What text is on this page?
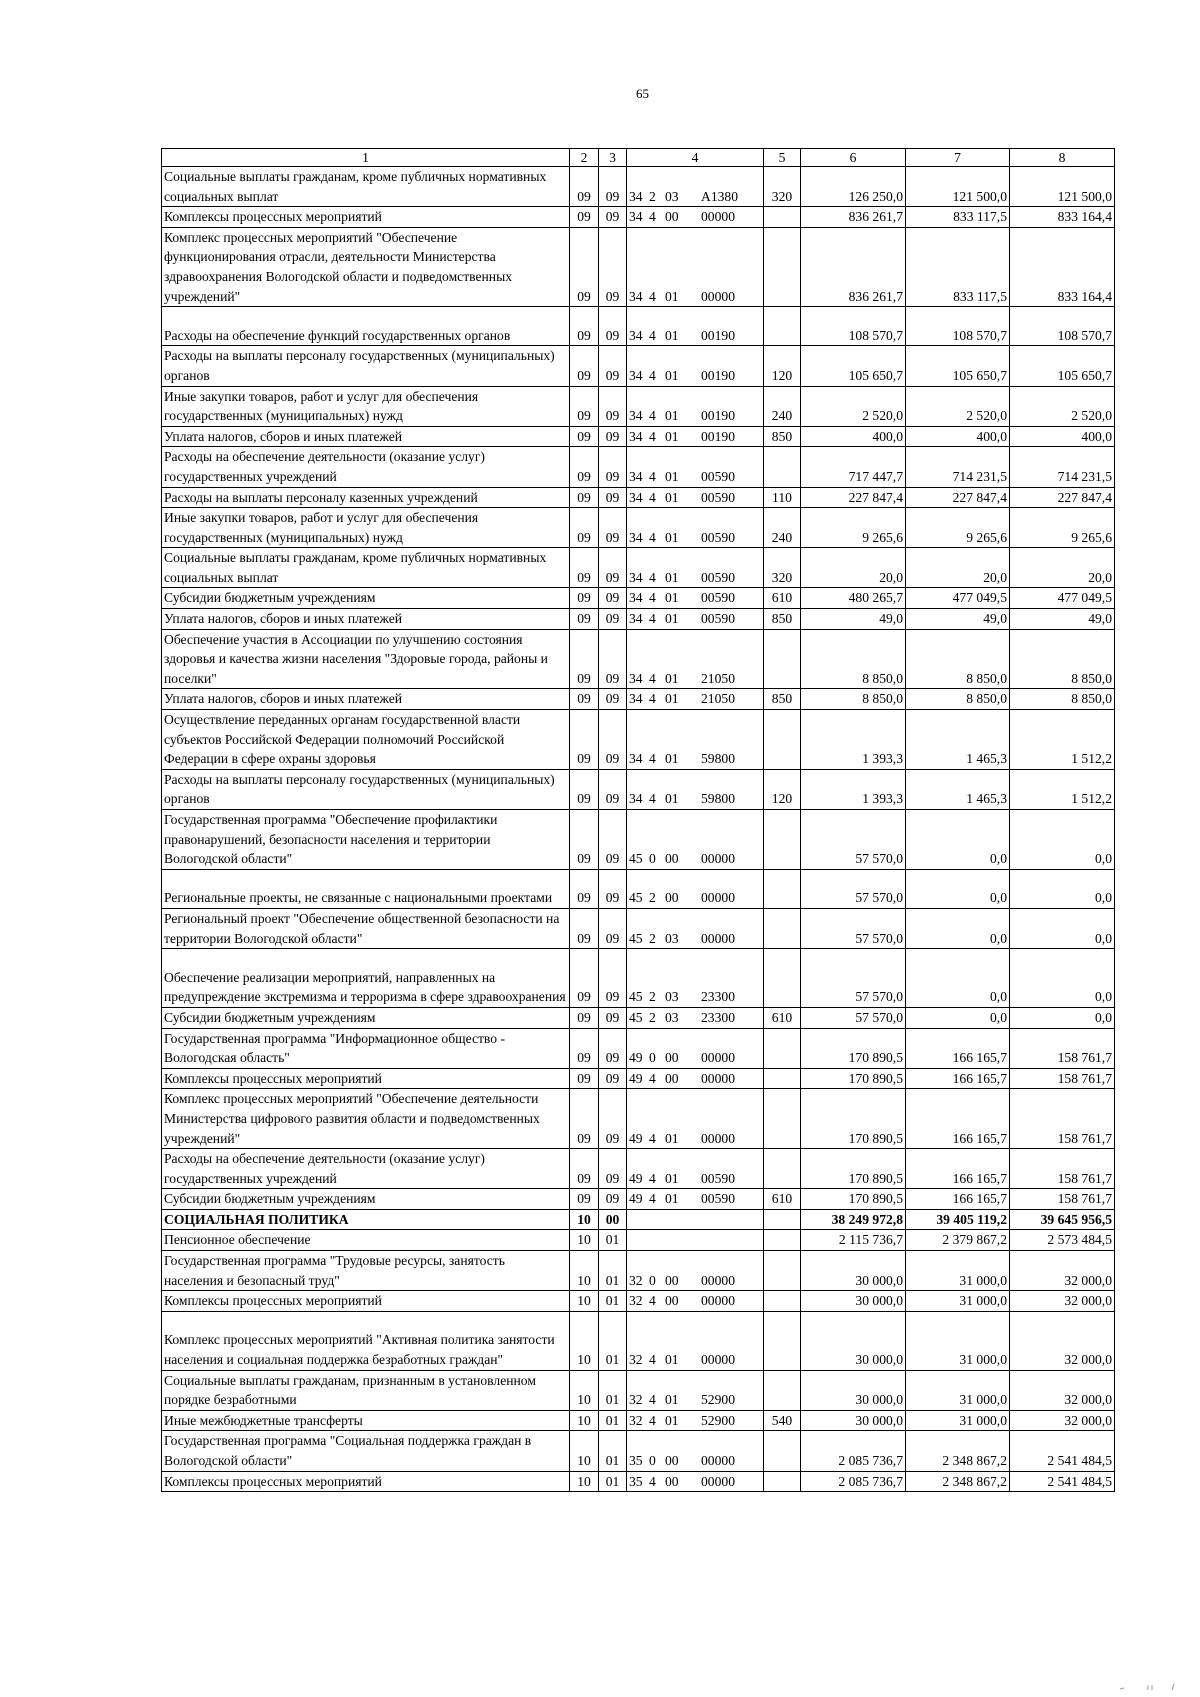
65
1	2	3	4	5	6	7	8
Социальные выплаты гражданам, кроме публичных нормативных социальных выплат	09	09	34 2 03 A1380	320	126 250,0	121 500,0	121 500,0
Комплексы процессных мероприятий	09	09	34 4 00 00000		836 261,7	833 117,5	833 164,4
Комплекс процессных мероприятий "Обеспечение функционирования отрасли, деятельности Министерства здравоохранения Вологодской области и подведомственных учреждений"	09	09	34 4 01 00000		836 261,7	833 117,5	833 164,4
Расходы на обеспечение функций государственных органов	09	09	34 4 01 00190		108 570,7	108 570,7	108 570,7
Расходы на выплаты персоналу государственных (муниципальных) органов	09	09	34 4 01 00190	120	105 650,7	105 650,7	105 650,7
Иные закупки товаров, работ и услуг для обеспечения государственных (муниципальных) нужд	09	09	34 4 01 00190	240	2 520,0	2 520,0	2 520,0
Уплата налогов, сборов и иных платежей	09	09	34 4 01 00190	850	400,0	400,0	400,0
Расходы на обеспечение деятельности (оказание услуг) государственных учреждений	09	09	34 4 01 00590		717 447,7	714 231,5	714 231,5
Расходы на выплаты персоналу казенных учреждений	09	09	34 4 01 00590	110	227 847,4	227 847,4	227 847,4
Иные закупки товаров, работ и услуг для обеспечения государственных (муниципальных) нужд	09	09	34 4 01 00590	240	9 265,6	9 265,6	9 265,6
Социальные выплаты гражданам, кроме публичных нормативных социальных выплат	09	09	34 4 01 00590	320	20,0	20,0	20,0
Субсидии бюджетным учреждениям	09	09	34 4 01 00590	610	480 265,7	477 049,5	477 049,5
Уплата налогов, сборов и иных платежей	09	09	34 4 01 00590	850	49,0	49,0	49,0
Обеспечение участия в Ассоциации по улучшению состояния здоровья и качества жизни населения "Здоровые города, районы и поселки"	09	09	34 4 01 21050		8 850,0	8 850,0	8 850,0
Уплата налогов, сборов и иных платежей	09	09	34 4 01 21050	850	8 850,0	8 850,0	8 850,0
Осуществление переданных органам государственной власти субъектов Российской Федерации полномочий Российской Федерации в сфере охраны здоровья	09	09	34 4 01 59800		1 393,3	1 465,3	1 512,2
Расходы на выплаты персоналу государственных (муниципальных) органов	09	09	34 4 01 59800	120	1 393,3	1 465,3	1 512,2
Государственная программа "Обеспечение профилактики правонарушений, безопасности населения и территории Вологодской области"	09	09	45 0 00 00000		57 570,0	0,0	0,0
Региональные проекты, не связанные с национальными проектами	09	09	45 2 00 00000		57 570,0	0,0	0,0
Региональный проект "Обеспечение общественной безопасности на территории Вологодской области"	09	09	45 2 03 00000		57 570,0	0,0	0,0
Обеспечение реализации мероприятий, направленных на предупреждение экстремизма и терроризма в сфере здравоохранения	09	09	45 2 03 23300		57 570,0	0,0	0,0
Субсидии бюджетным учреждениям	09	09	45 2 03 23300	610	57 570,0	0,0	0,0
Государственная программа "Информационное общество - Вологодская область"	09	09	49 0 00 00000		170 890,5	166 165,7	158 761,7
Комплексы процессных мероприятий	09	09	49 4 00 00000		170 890,5	166 165,7	158 761,7
Комплекс процессных мероприятий "Обеспечение деятельности Министерства цифрового развития области и подведомственных учреждений"	09	09	49 4 01 00000		170 890,5	166 165,7	158 761,7
Расходы на обеспечение деятельности (оказание услуг) государственных учреждений	09	09	49 4 01 00590		170 890,5	166 165,7	158 761,7
Субсидии бюджетным учреждениям	09	09	49 4 01 00590	610	170 890,5	166 165,7	158 761,7
СОЦИАЛЬНАЯ ПОЛИТИКА	10	00			38 249 972,8	39 405 119,2	39 645 956,5
Пенсионное обеспечение	10	01			2 115 736,7	2 379 867,2	2 573 484,5
Государственная программа "Трудовые ресурсы, занятость населения и безопасный труд"	10	01	32 0 00 00000		30 000,0	31 000,0	32 000,0
Комплексы процессных мероприятий	10	01	32 4 00 00000		30 000,0	31 000,0	32 000,0
Комплекс процессных мероприятий "Активная политика занятости населения и социальная поддержка безработных граждан"	10	01	32 4 01 00000		30 000,0	31 000,0	32 000,0
Социальные выплаты гражданам, признанным в установленном порядке безработными	10	01	32 4 01 52900		30 000,0	31 000,0	32 000,0
Иные межбюджетные трансферты	10	01	32 4 01 52900	540	30 000,0	31 000,0	32 000,0
Государственная программа "Социальная поддержка граждан в Вологодской области"	10	01	35 0 00 00000		2 085 736,7	2 348 867,2	2 541 484,5
Комплексы процессных мероприятий	10	01	35 4 00 00000		2 085 736,7	2 348 867,2	2 541 484,5
